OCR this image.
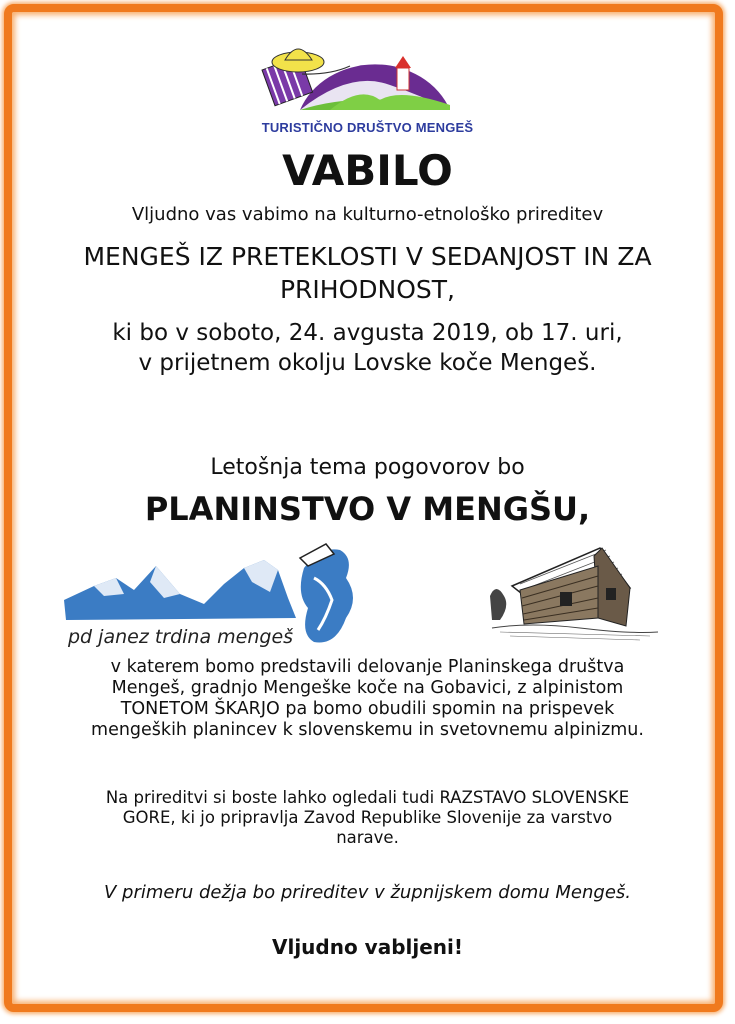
TURISTIČNO DRUŠTVO MENGEŠ
VABILO
Vljudno vas vabimo na kulturno-etnološko prireditev
MENGEŠ IZ PRETEKLOSTI V SEDANJOST IN ZA
PRIHODNOST,
ki bo v soboto, 24. avgusta 2019, ob 17. uri,
v prijetnem okolju Lovske koče Mengeš.
Letošnja tema pogovorov bo
PLANINSTVO V MENGŠU,
pd janez trdina mengeš
v katerem bomo predstavili delovanje Planinskega društva
Mengeš, gradnjo Mengeške koče na Gobavici, z alpinistom
TONETOM ŠKARJO pa bomo obudili spomin na prispevek
mengeških planincev k slovenskemu in svetovnemu alpinizmu.
Na prireditvi si boste lahko ogledali tudi RAZSTAVO SLOVENSKE
GORE, ki jo pripravlja Zavod Republike Slovenije za varstvo
narave.
V primeru dežja bo prireditev v župnijskem domu Mengeš.
Vljudno vabljeni!
